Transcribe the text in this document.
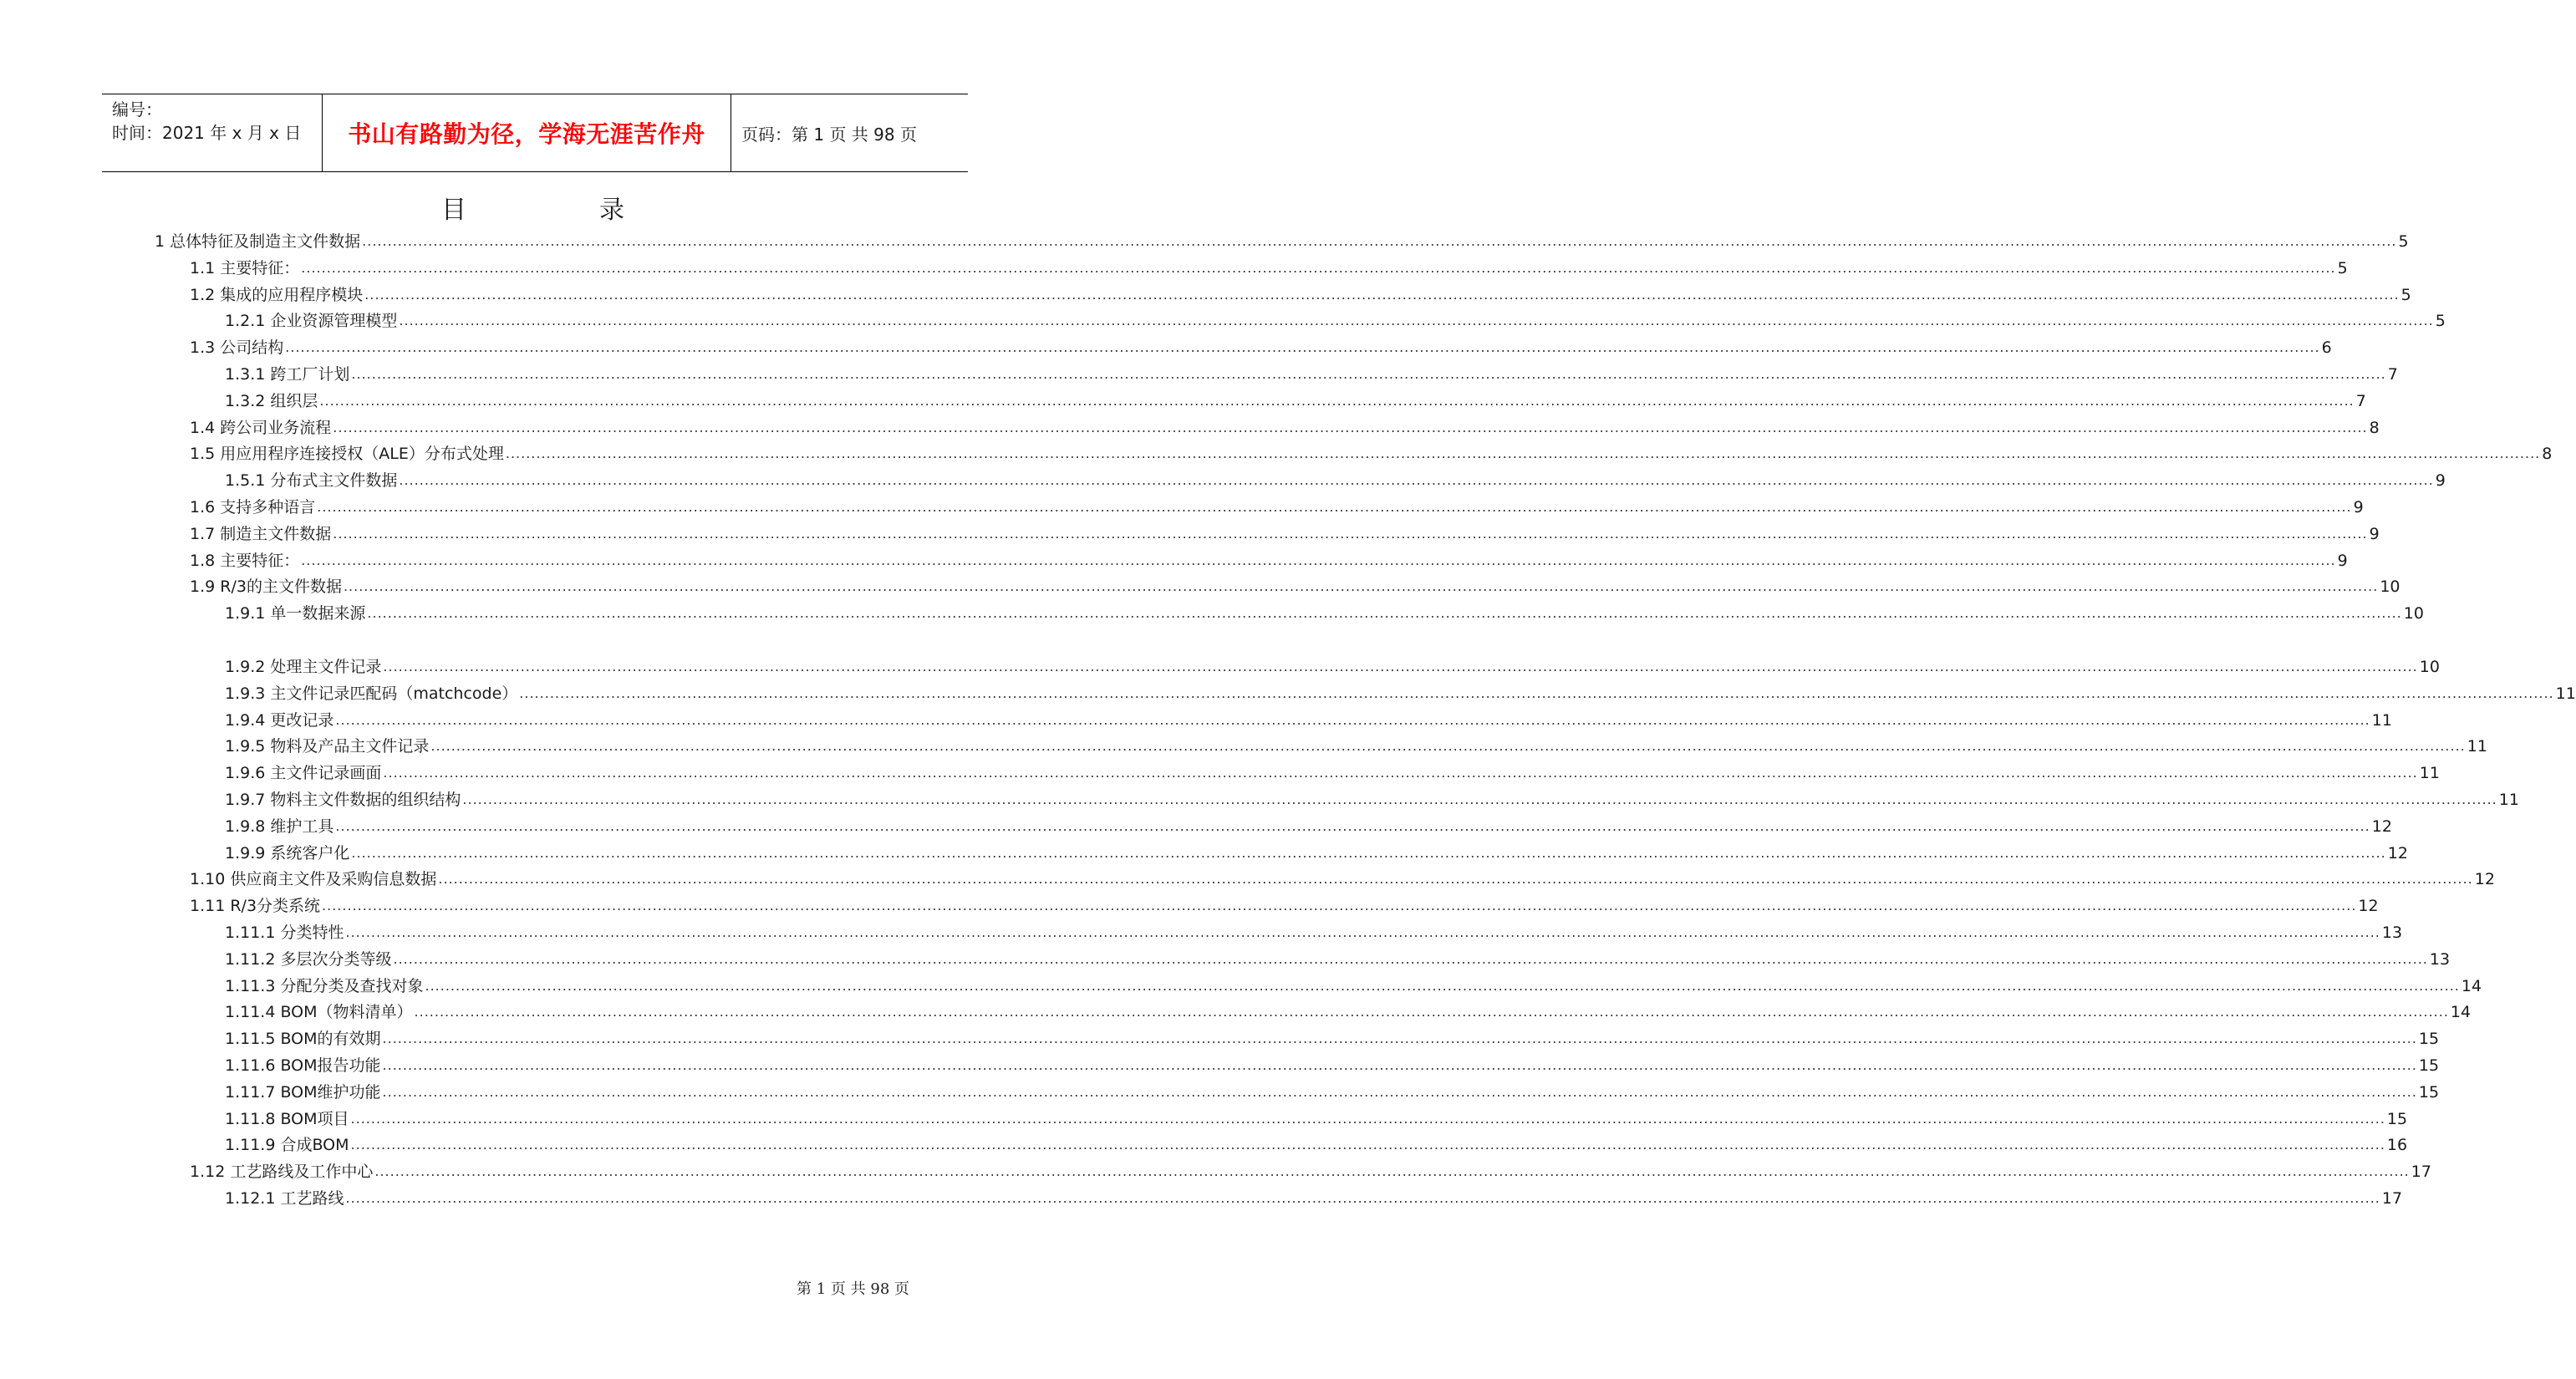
编号：
时间：2021 年 x 月 x 日	书山有路勤为径，学海无涯苦作舟 页码：第 1 页 共 98 页
目	录
1 总体特征及制造主文件数据 ................................................................................................................................................................................................................................................................................................................................................................................................................ 5
1.1 主要特征： ................................................................................................................................................................................................................................................................................................................................................................................................................ 5
1.2 集成的应用程序模块 ................................................................................................................................................................................................................................................................................................................................................................................................................ 5
1.2.1 企业资源管理模型 ................................................................................................................................................................................................................................................................................................................................................................................................................ 5
1.3 公司结构 ................................................................................................................................................................................................................................................................................................................................................................................................................ 6
1.3.1 跨工厂计划 ................................................................................................................................................................................................................................................................................................................................................................................................................ 7
1.3.2 组织层 ................................................................................................................................................................................................................................................................................................................................................................................................................ 7
1.4 跨公司业务流程 ................................................................................................................................................................................................................................................................................................................................................................................................................ 8
1.5 用应用程序连接授权（ALE）分布式处理 ................................................................................................................................................................................................................................................................................................................................................................................................................ 8
1.5.1 分布式主文件数据 ................................................................................................................................................................................................................................................................................................................................................................................................................ 9
1.6 支持多种语言 ................................................................................................................................................................................................................................................................................................................................................................................................................ 9
1.7 制造主文件数据 ................................................................................................................................................................................................................................................................................................................................................................................................................ 9
1.8 主要特征： ................................................................................................................................................................................................................................................................................................................................................................................................................ 9
1.9 R/3的主文件数据 ................................................................................................................................................................................................................................................................................................................................................................................................................ 10
1.9.1 单一数据来源 ................................................................................................................................................................................................................................................................................................................................................................................................................ 10
1.9.2 处理主文件记录 ................................................................................................................................................................................................................................................................................................................................................................................................................ 10
1.9.3 主文件记录匹配码（matchcode） ................................................................................................................................................................................................................................................................................................................................................................................................................ 11
1.9.4 更改记录 ................................................................................................................................................................................................................................................................................................................................................................................................................ 11
1.9.5 物料及产品主文件记录 ................................................................................................................................................................................................................................................................................................................................................................................................................ 11
1.9.6 主文件记录画面 ................................................................................................................................................................................................................................................................................................................................................................................................................ 11
1.9.7 物料主文件数据的组织结构 ................................................................................................................................................................................................................................................................................................................................................................................................................ 11
1.9.8 维护工具 ................................................................................................................................................................................................................................................................................................................................................................................................................ 12
1.9.9 系统客户化 ................................................................................................................................................................................................................................................................................................................................................................................................................ 12
1.10 供应商主文件及采购信息数据 ................................................................................................................................................................................................................................................................................................................................................................................................................ 12
1.11 R/3分类系统 ................................................................................................................................................................................................................................................................................................................................................................................................................ 12
1.11.1 分类特性 ................................................................................................................................................................................................................................................................................................................................................................................................................ 13
1.11.2 多层次分类等级 ................................................................................................................................................................................................................................................................................................................................................................................................................ 13
1.11.3 分配分类及查找对象 ................................................................................................................................................................................................................................................................................................................................................................................................................ 14
1.11.4 BOM（物料清单） ................................................................................................................................................................................................................................................................................................................................................................................................................ 14
1.11.5 BOM的有效期 ................................................................................................................................................................................................................................................................................................................................................................................................................ 15
1.11.6 BOM报告功能 ................................................................................................................................................................................................................................................................................................................................................................................................................ 15
1.11.7 BOM维护功能 ................................................................................................................................................................................................................................................................................................................................................................................................................ 15
1.11.8 BOM项目 ................................................................................................................................................................................................................................................................................................................................................................................................................ 15
1.11.9 合成BOM ................................................................................................................................................................................................................................................................................................................................................................................................................ 16
1.12 工艺路线及工作中心 ................................................................................................................................................................................................................................................................................................................................................................................................................ 17
1.12.1 工艺路线 ................................................................................................................................................................................................................................................................................................................................................................................................................ 17
第 1 页 共 98 页
